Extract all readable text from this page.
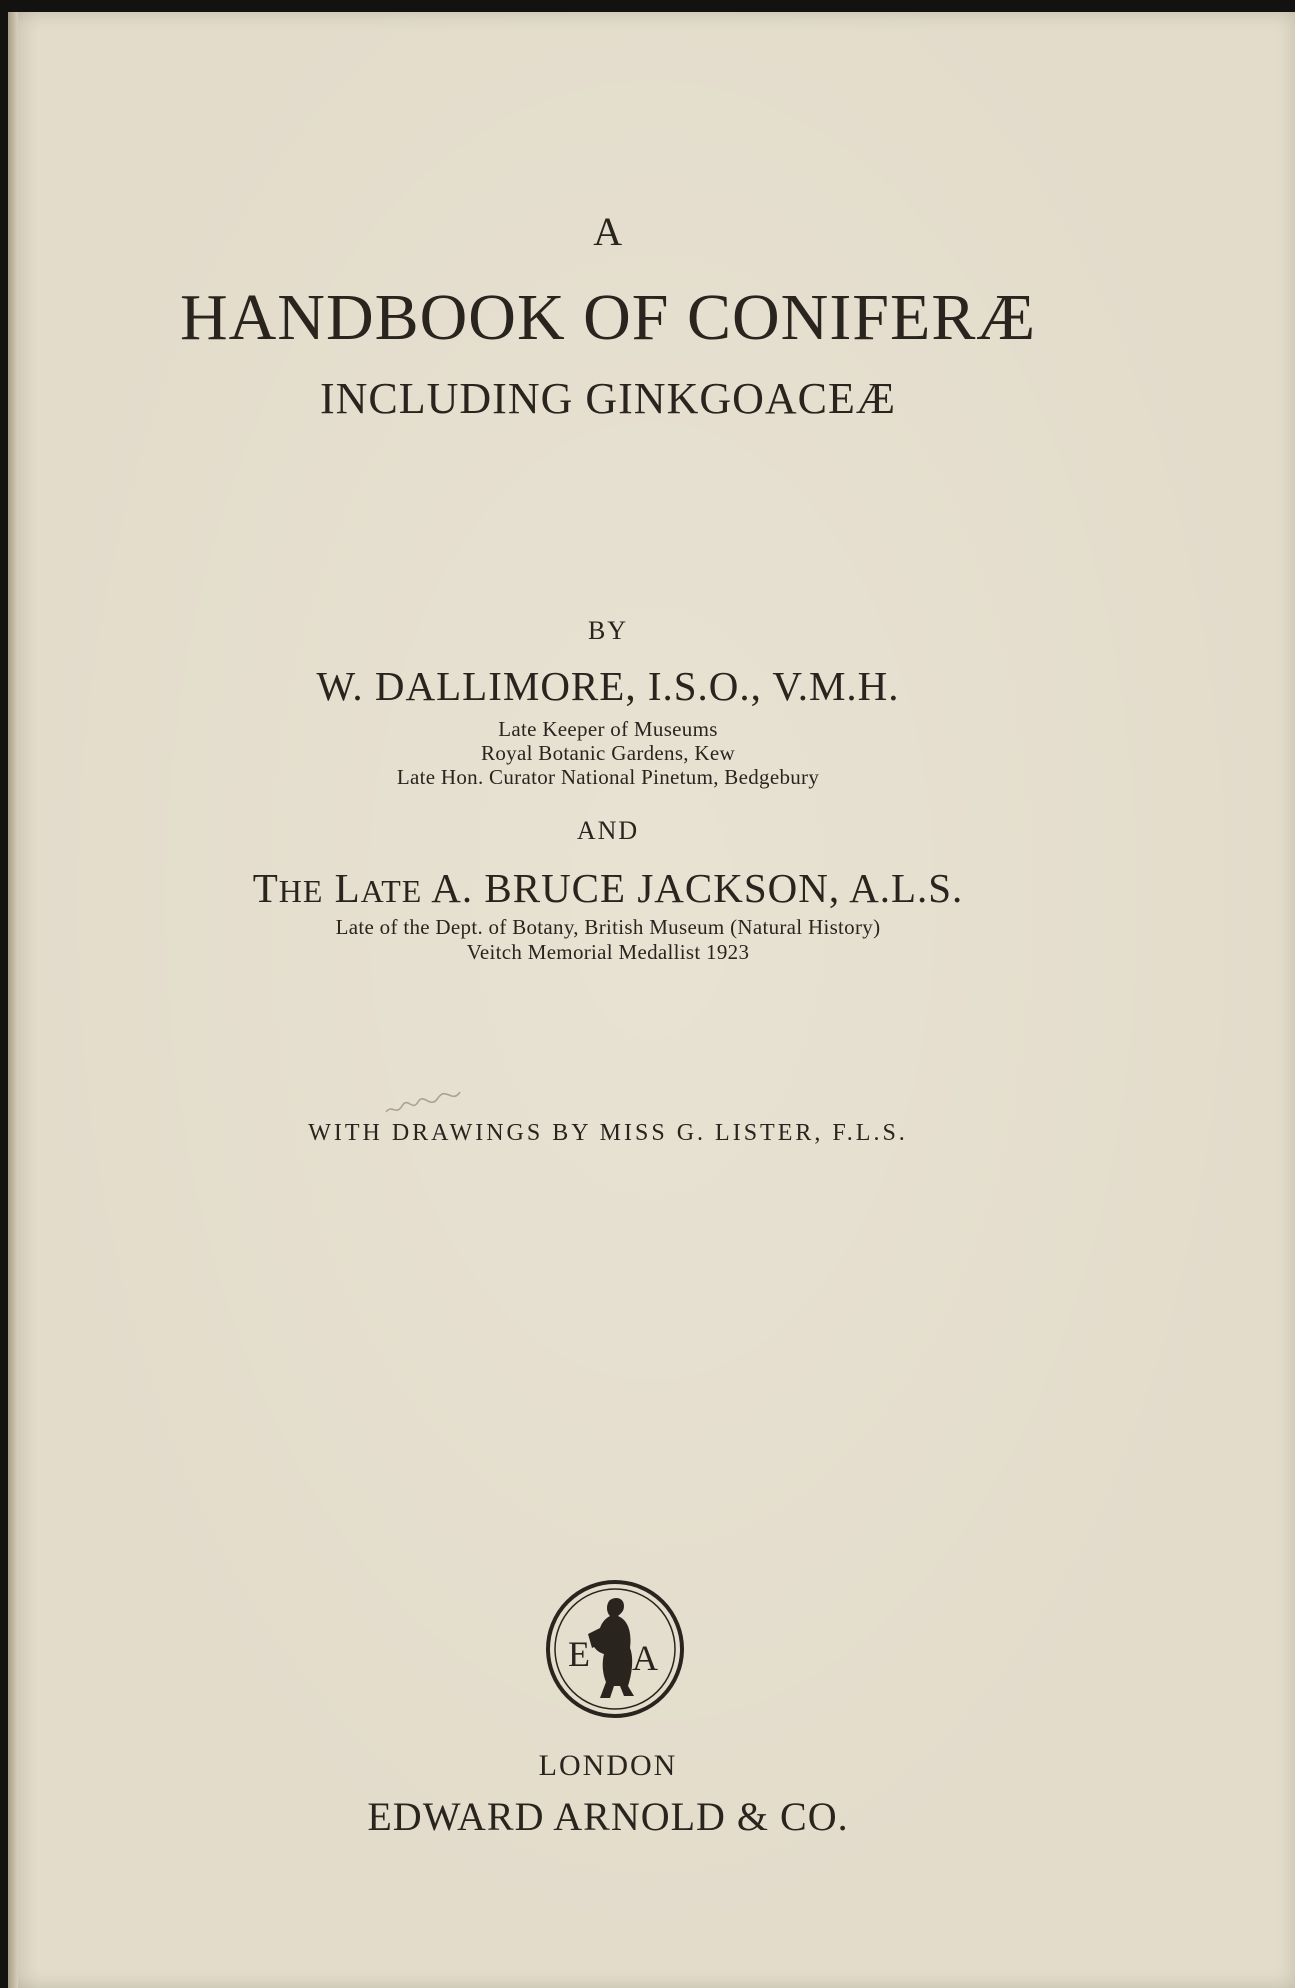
A
HANDBOOK OF CONIFERÆ
INCLUDING GINKGOACEÆ
BY
W. DALLIMORE, I.S.O., V.M.H.
Late Keeper of Museums
Royal Botanic Gardens, Kew
Late Hon. Curator National Pinetum, Bedgebury
AND
THE LATE A. BRUCE JACKSON, A.L.S.
Late of the Dept. of Botany, British Museum (Natural History)
Veitch Memorial Medallist 1923
WITH DRAWINGS BY MISS G. LISTER, F.L.S.
E A
LONDON
EDWARD ARNOLD & CO.
